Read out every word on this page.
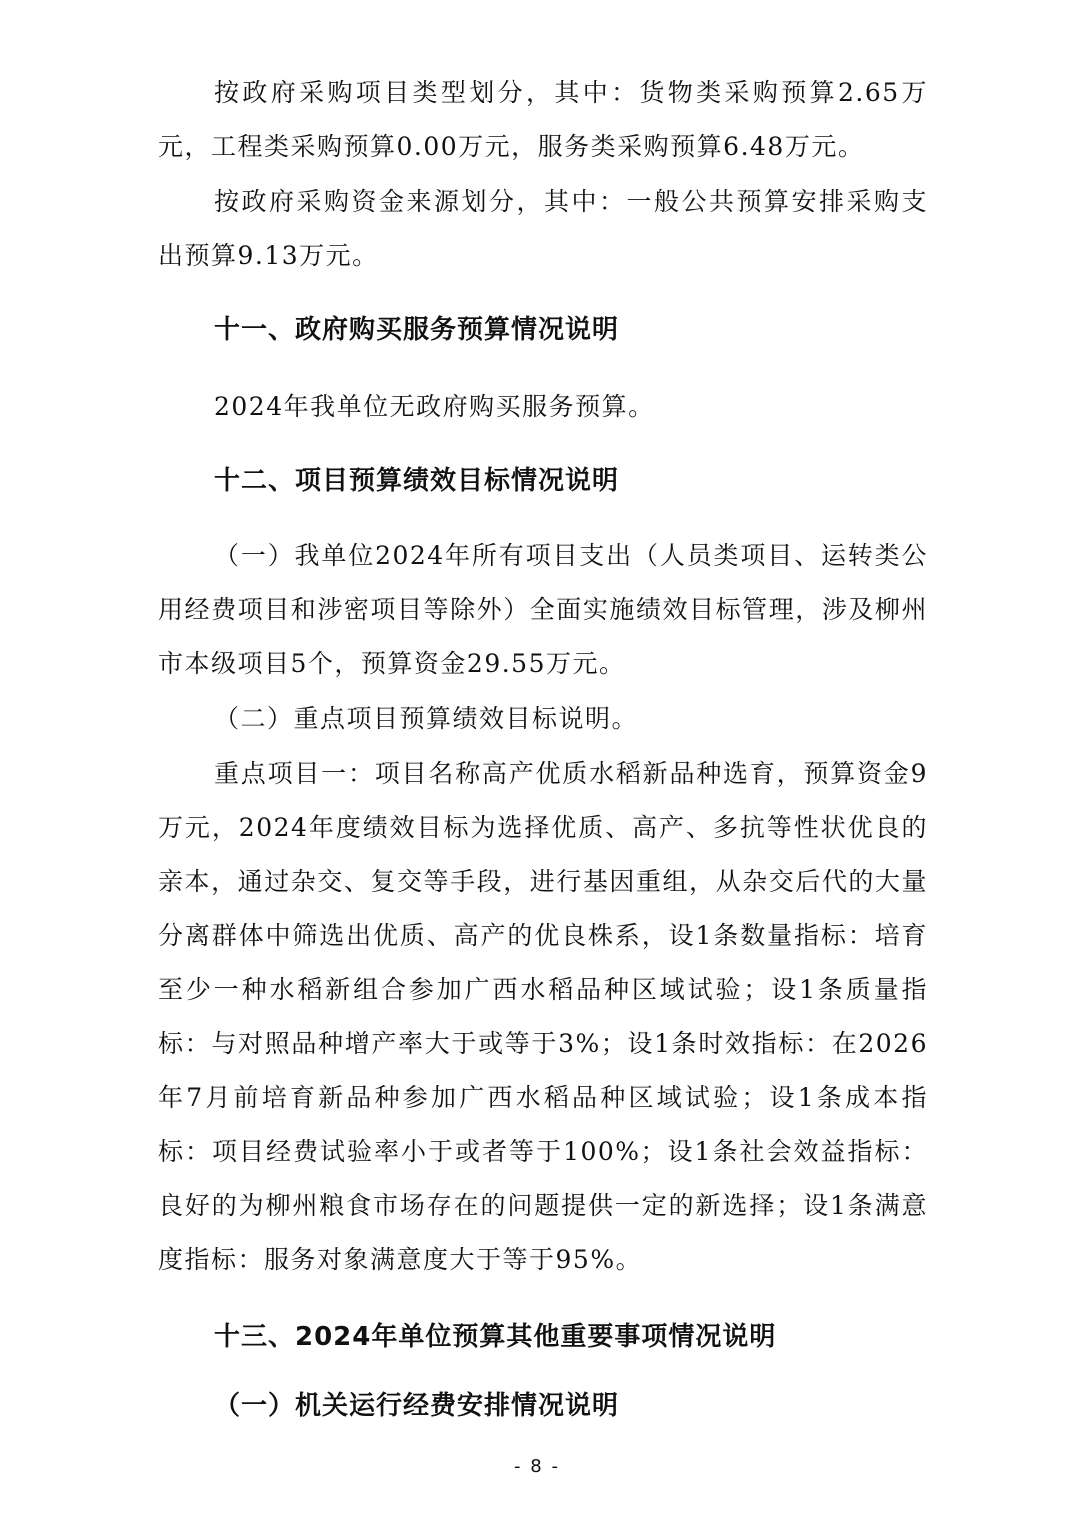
按政府采购项目类型划分，其中：货物类采购预算2.65万元，工程类采购预算0.00万元，服务类采购预算6.48万元。

按政府采购资金来源划分，其中：一般公共预算安排采购支出预算9.13万元。

十一、政府购买服务预算情况说明

2024年我单位无政府购买服务预算。

十二、项目预算绩效目标情况说明

（一）我单位2024年所有项目支出（人员类项目、运转类公用经费项目和涉密项目等除外）全面实施绩效目标管理，涉及柳州市本级项目5个，预算资金29.55万元。

（二）重点项目预算绩效目标说明。

重点项目一：项目名称高产优质水稻新品种选育，预算资金9万元，2024年度绩效目标为选择优质、高产、多抗等性状优良的亲本，通过杂交、复交等手段，进行基因重组，从杂交后代的大量分离群体中筛选出优质、高产的优良株系，设1条数量指标：培育至少一种水稻新组合参加广西水稻品种区域试验；设1条质量指标：与对照品种增产率大于或等于3%；设1条时效指标：在2026年7月前培育新品种参加广西水稻品种区域试验；设1条成本指标：项目经费试验率小于或者等于100%；设1条社会效益指标：良好的为柳州粮食市场存在的问题提供一定的新选择；设1条满意度指标：服务对象满意度大于等于95%。

十三、2024年单位预算其他重要事项情况说明
（一）机关运行经费安排情况说明
- 8 -
